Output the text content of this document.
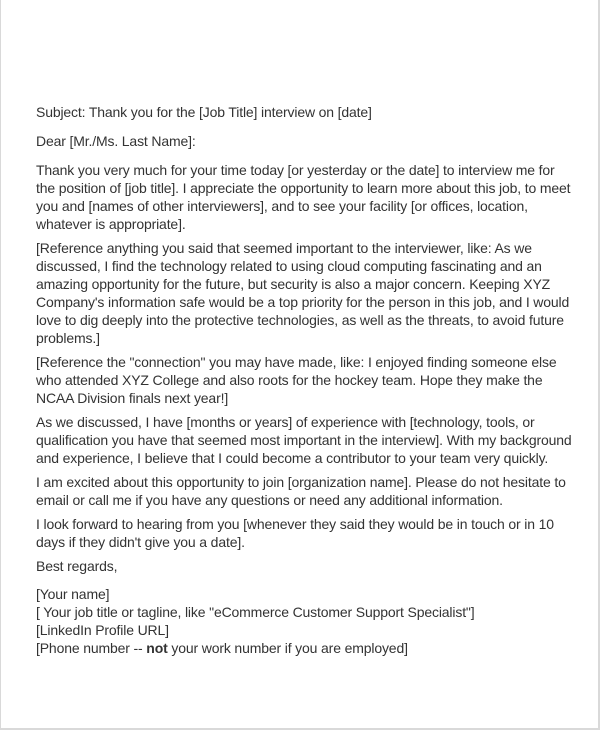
Subject: Thank you for the [Job Title] interview on [date]

Dear [Mr./Ms. Last Name]:

Thank you very much for your time today [or yesterday or the date] to interview me for the position of [job title]. I appreciate the opportunity to learn more about this job, to meet you and [names of other interviewers], and to see your facility [or offices, location, whatever is appropriate].

[Reference anything you said that seemed important to the interviewer, like: As we discussed, I find the technology related to using cloud computing fascinating and an amazing opportunity for the future, but security is also a major concern. Keeping XYZ Company's information safe would be a top priority for the person in this job, and I would love to dig deeply into the protective technologies, as well as the threats, to avoid future problems.]

[Reference the "connection" you may have made, like: I enjoyed finding someone else who attended XYZ College and also roots for the hockey team. Hope they make the NCAA Division finals next year!]

As we discussed, I have [months or years] of experience with [technology, tools, or qualification you have that seemed most important in the interview]. With my background and experience, I believe that I could become a contributor to your team very quickly.

I am excited about this opportunity to join [organization name]. Please do not hesitate to email or call me if you have any questions or need any additional information.

I look forward to hearing from you [whenever they said they would be in touch or in 10 days if they didn't give you a date].

Best regards,

[Your name]
[ Your job title or tagline, like "eCommerce Customer Support Specialist"]
[LinkedIn Profile URL]
[Phone number -- not your work number if you are employed]
